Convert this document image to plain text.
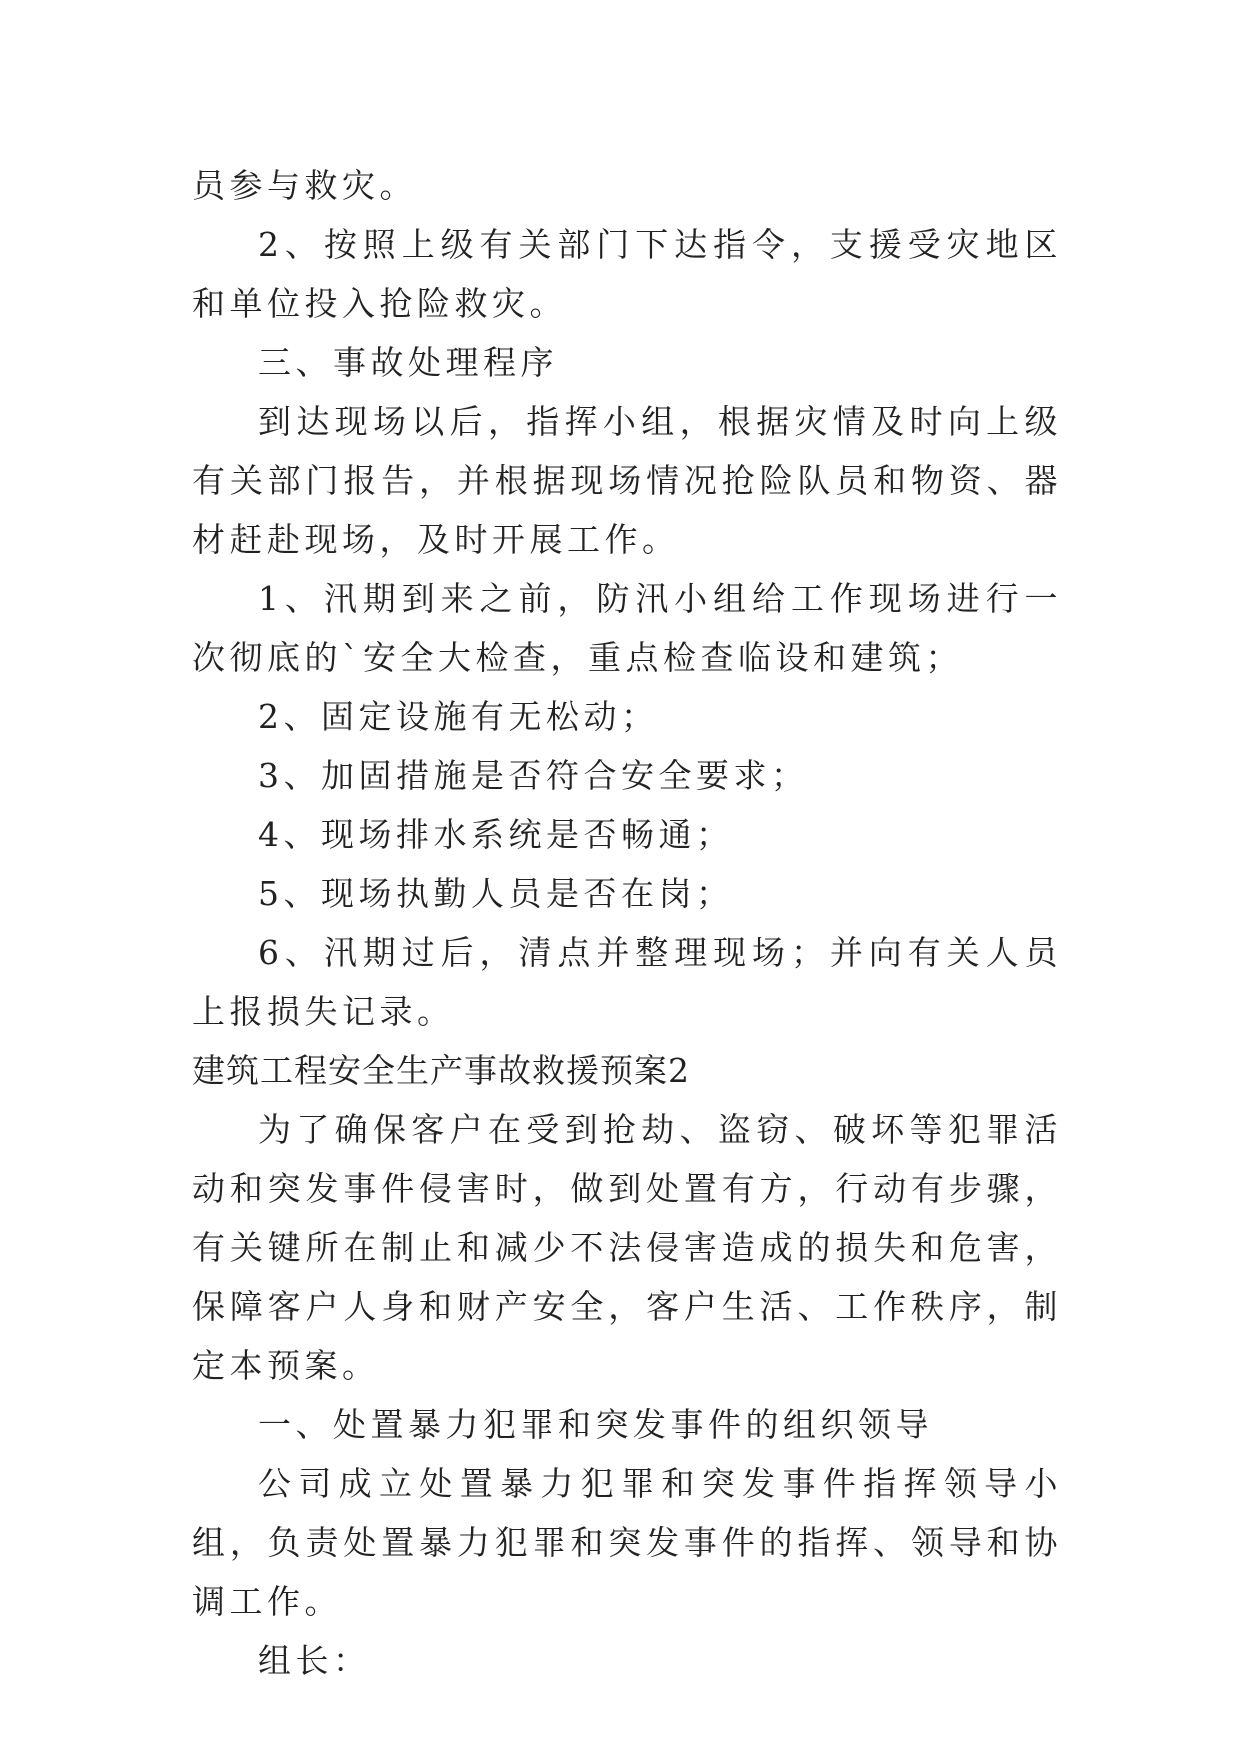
员参与救灾。

2、按照上级有关部门下达指令，支援受灾地区和单位投入抢险救灾。

三、事故处理程序

到达现场以后，指挥小组，根据灾情及时向上级有关部门报告，并根据现场情况抢险队员和物资、器材赶赴现场，及时开展工作。

1、汛期到来之前，防汛小组给工作现场进行一次彻底的`安全大检查，重点检查临设和建筑；

2、固定设施有无松动；

3、加固措施是否符合安全要求；

4、现场排水系统是否畅通；

5、现场执勤人员是否在岗；

6、汛期过后，清点并整理现场；并向有关人员上报损失记录。

建筑工程安全生产事故救援预案2

为了确保客户在受到抢劫、盗窃、破坏等犯罪活动和突发事件侵害时，做到处置有方，行动有步骤，有关键所在制止和减少不法侵害造成的损失和危害，保障客户人身和财产安全，客户生活、工作秩序，制定本预案。

一、处置暴力犯罪和突发事件的组织领导

公司成立处置暴力犯罪和突发事件指挥领导小组，负责处置暴力犯罪和突发事件的指挥、领导和协调工作。

组长：
